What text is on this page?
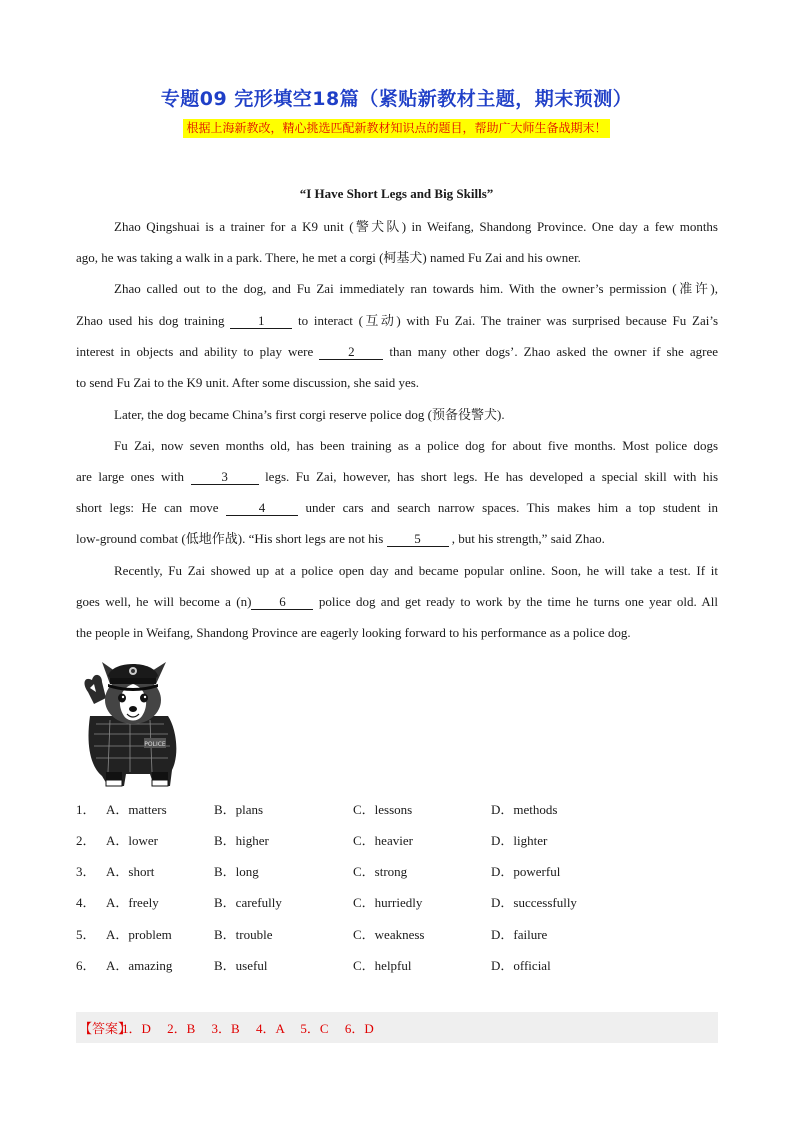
专题09 完形填空18篇（紧贴新教材主题，期末预测）
根据上海新教改，精心挑选匹配新教材知识点的题目，帮助广大师生备战期末！
“I Have Short Legs and Big Skills”
Zhao Qingshuai is a trainer for a K9 unit (警犬队) in Weifang, Shandong Province. One day a few months
ago, he was taking a walk in a park. There, he met a corgi (柯基犬) named Fu Zai and his owner.
Zhao called out to the dog, and Fu Zai immediately ran towards him. With the owner’s permission (准许),
Zhao used his dog training	1	to interact (互动) with Fu Zai. The trainer was surprised because Fu Zai’s
interest in objects and ability to play were	2	than many other dogs’. Zhao asked the owner if she agree
to send Fu Zai to the K9 unit. After some discussion, she said yes.
Later, the dog became China’s first corgi reserve police dog (预备役警犬).
Fu Zai, now seven months old, has been training as a police dog for about five months. Most police dogs
are large ones with	3	legs. Fu Zai, however, has short legs. He has developed a special skill with his
short legs: He can move	4	under cars and search narrow spaces. This makes him a top student in
low-ground combat (低地作战). “His short legs are not his 5 , but his strength,” said Zhao.
Recently, Fu Zai showed up at a police open day and became popular online. Soon, he will take a test. If it
goes well, he will become a (n) 6	police dog and get ready to work by the time he turns one year old. All
the people in Weifang, Shandong Province are eagerly looking forward to his performance as a police dog.
POLICE
1． A．matters	B．plans	C．lessons	D．methods
2． A．lower	B．higher	C．heavier	D．lighter
3． A．short	B．long	C．strong	D．powerful
4． A．freely	B．carefully	C．hurriedly	D．successfully
5． A．problem	B．trouble	C．weakness	D．failure
6． A．amazing	B．useful	C．helpful	D．official
【答案】
1．D     2．B     3．B     4．A     5．C     6．D
